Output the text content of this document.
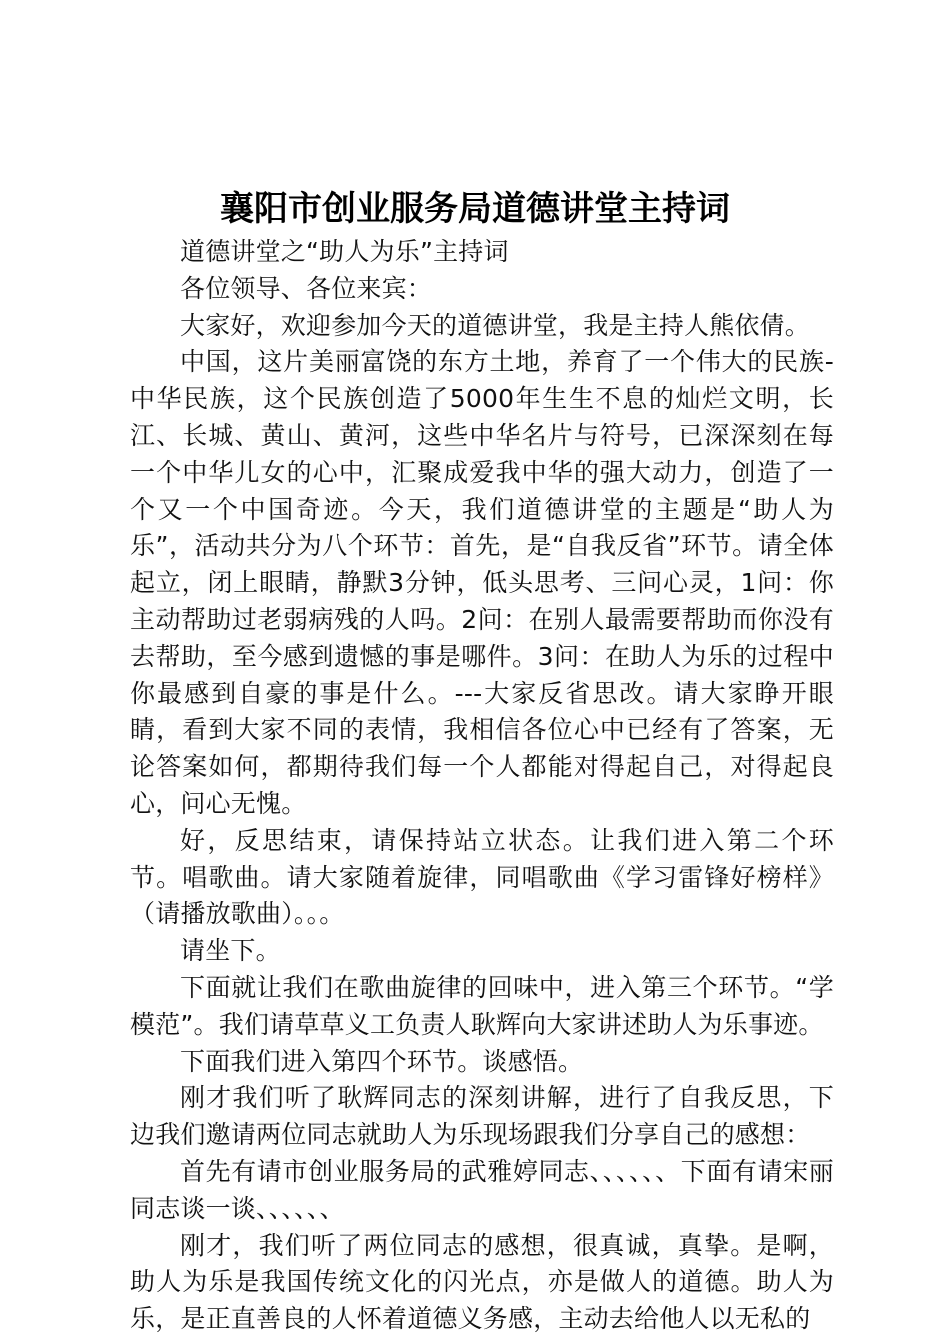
襄阳市创业服务局道德讲堂主持词

道德讲堂之“助人为乐”主持词

各位领导、各位来宾：

大家好，欢迎参加今天的道德讲堂，我是主持人熊依倩。

中国，这片美丽富饶的东方土地，养育了一个伟大的民族-中华民族，这个民族创造了5000年生生不息的灿烂文明，长江、长城、黄山、黄河，这些中华名片与符号，已深深刻在每一个中华儿女的心中，汇聚成爱我中华的强大动力，创造了一个又一个中国奇迹。今天，我们道德讲堂的主题是“助人为乐”，活动共分为八个环节：首先，是“自我反省”环节。请全体起立，闭上眼睛，静默3分钟，低头思考、三问心灵，1问：你主动帮助过老弱病残的人吗。2问：在别人最需要帮助而你没有去帮助，至今感到遗憾的事是哪件。3问：在助人为乐的过程中你最感到自豪的事是什么。---大家反省思改。请大家睁开眼睛，看到大家不同的表情，我相信各位心中已经有了答案，无论答案如何，都期待我们每一个人都能对得起自己，对得起良心，问心无愧。

好，反思结束，请保持站立状态。让我们进入第二个环节。唱歌曲。请大家随着旋律，同唱歌曲《学习雷锋好榜样》（请播放歌曲）。。。

请坐下。

下面就让我们在歌曲旋律的回味中，进入第三个环节。“学模范”。我们请草草义工负责人耿辉向大家讲述助人为乐事迹。

下面我们进入第四个环节。谈感悟。

刚才我们听了耿辉同志的深刻讲解，进行了自我反思，下边我们邀请两位同志就助人为乐现场跟我们分享自己的感想：

首先有请市创业服务局的武雅婷同志、、、、、、下面有请宋丽同志谈一谈、、、、、、

刚才，我们听了两位同志的感想，很真诚，真挚。是啊，助人为乐是我国传统文化的闪光点，亦是做人的道德。助人为乐，是正直善良的人怀着道德义务感，主动去给他人以无私的
